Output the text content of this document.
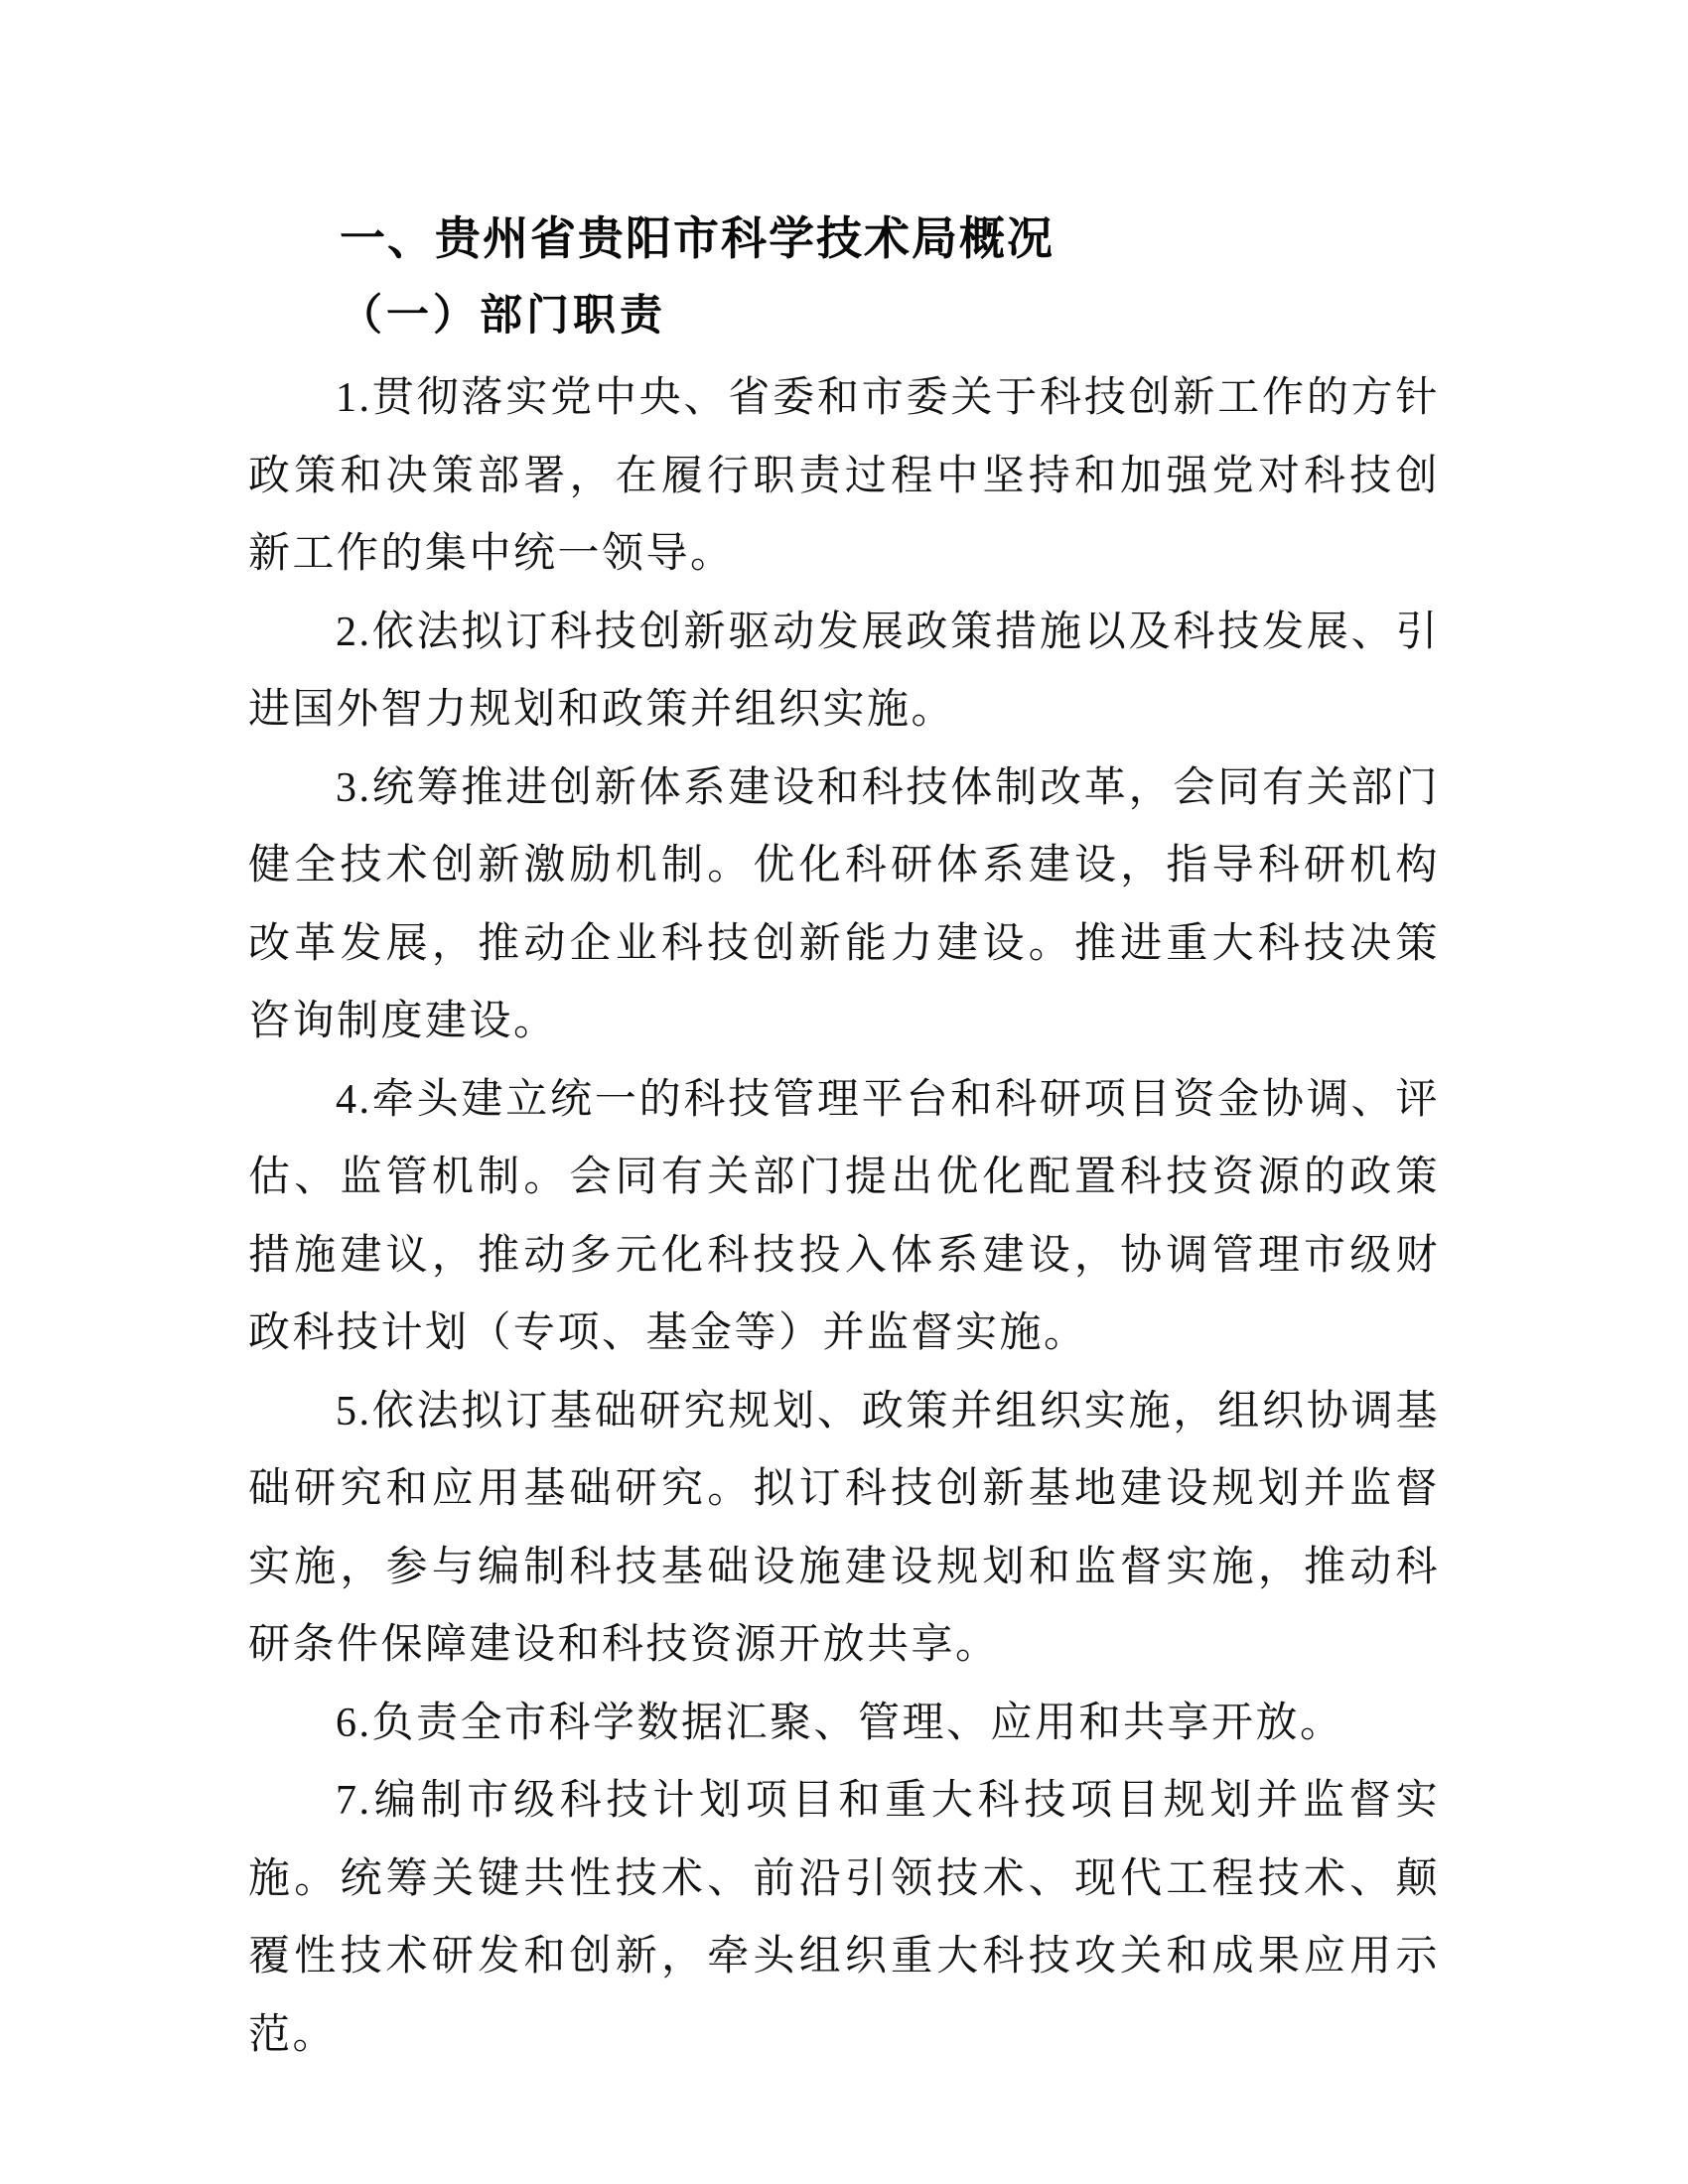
一、贵州省贵阳市科学技术局概况
（一）部门职责

1.贯彻落实党中央、省委和市委关于科技创新工作的方针政策和决策部署，在履行职责过程中坚持和加强党对科技创新工作的集中统一领导。

2.依法拟订科技创新驱动发展政策措施以及科技发展、引进国外智力规划和政策并组织实施。

3.统筹推进创新体系建设和科技体制改革，会同有关部门健全技术创新激励机制。优化科研体系建设，指导科研机构改革发展，推动企业科技创新能力建设。推进重大科技决策咨询制度建设。

4.牵头建立统一的科技管理平台和科研项目资金协调、评估、监管机制。会同有关部门提出优化配置科技资源的政策措施建议，推动多元化科技投入体系建设，协调管理市级财政科技计划（专项、基金等）并监督实施。

5.依法拟订基础研究规划、政策并组织实施，组织协调基础研究和应用基础研究。拟订科技创新基地建设规划并监督实施，参与编制科技基础设施建设规划和监督实施，推动科研条件保障建设和科技资源开放共享。

6.负责全市科学数据汇聚、管理、应用和共享开放。

7.编制市级科技计划项目和重大科技项目规划并监督实施。统筹关键共性技术、前沿引领技术、现代工程技术、颠覆性技术研发和创新，牵头组织重大科技攻关和成果应用示范。
